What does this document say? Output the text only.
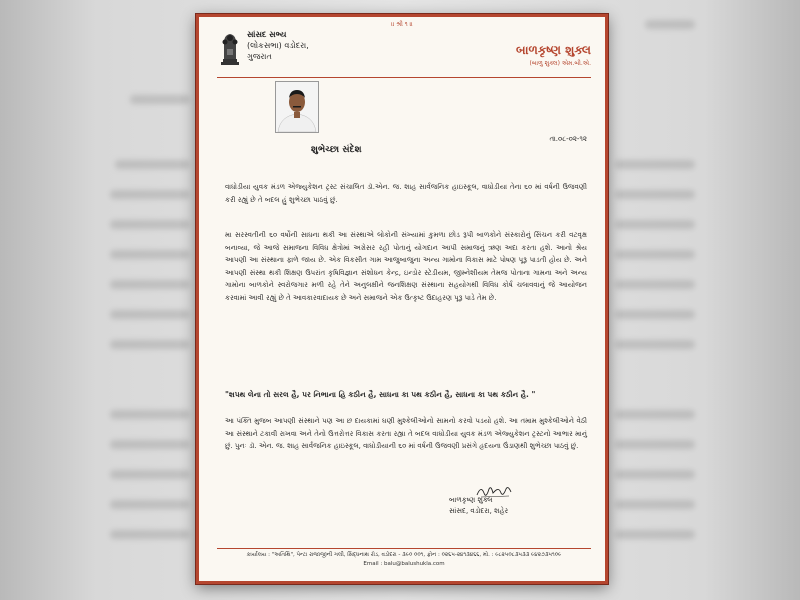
॥ શ્રી ૧ ॥
સાંસદ સભ્ય
(લોકસભા) વડોદરા,
ગુજરાત	બાળકૃષ્ણ શુક્લ
(બાળુ શુક્લ) એમ.બી.એ.
તા.૦૮-૦૨-૧૨
શુભેચ્છા સંદેશ

વાધોડીયા યુવક મંડળ એજ્યુકેશન ટ્રસ્ટ સંચાલિત ડૉ.એન. જ. શાહ સાર્વજનિક હાઇસ્કૂલ, વાધોડીયા તેના ૬૦ માં વર્ષની ઉજવણી કરી રહ્યું છે તે બદલ હું શુભેચ્છા પાઠવું છું.

મા સરસ્વતીની ૬૦ વર્ષોની સાધના થકી આ સંસ્થાએ લોકોની સંખ્યામાં કુમળા છોડ રૂપી બાળકોને સંસ્કારોનું સિંચન કરી વટવૃક્ષ બનાવ્યા, જે આજે સમાજના વિવિધ ક્ષેત્રોમાં અગ્રેસર રહી પોતાનું યોગદાન આપી સમાજનું ઋણ અદા કરતા હશે. આનો શ્રેય આપણી આ સંસ્થાના ફાળે જાય છે. એક વિકસીત ગામ આજુબાજુના અન્ય ગામોના વિકાસ માટે પોષણ પૂરૂ પાડતી હોય છે. અને આપણી સંસ્થા થકી શિક્ષણ ઉપરાંત કૃષિવિજ્ઞાન સંશોધન કેન્દ્ર, ઇન્ડોર સ્ટેડીયમ, જીમ્નેશીયમ તેમજ પોતાના ગામના અને અન્ય ગામોના બાળકોને સ્વરોજગાર મળી રહે તેને અનુલક્ષીને જનશિક્ષણ સંસ્થાના સહયોગથી વિવિધ કોર્ષ ચલાવવાનું જે આયોજન કરવામાં આવી રહ્યું છે તે આવકારવાદાયક છે અને સમાજને એક ઉત્કૃષ્ટ ઉદાહરણ પૂરૂ પાડે તેમ છે.

"શપથ લેના તો સરલ હૈ, પર નિભાના હિ કઠીન હૈ, સાધના કા પથ કઠીન હૈ, સાધના કા પથ કઠીન હૈ. "

આ પંક્તિ મુજબ આપણી સંસ્થાને પણ આ છ દાયકામાં ઘણી મુશ્કેલીઓનો સામનો કરવો પડયો હશે. આ તમામ મુશ્કેલીઓને વેઠી આ સંસ્થાને ટકાવી રાખવા અને તેનો ઉત્તરોત્તર વિકાસ કરતા રહ્યા તે બદલ વાઘોડીયા યુવક મંડળ એજ્યુકેશન ટ્રસ્ટનો આભાર માનું છું. પુનઃ ડૉ. એન. જ. શાહ સાર્વજનિક હાઇસ્કૂલ, વાઘોડીયાની ૬૦ માં વર્ષની ઉજવણી પ્રસંગે હૃદયના ઉંડાણથી શુભેચ્છા પાઠવું છું.

બાળકૃષ્ણ શુક્લ
સાંસદ, વડોદરા, શહેર
કાર્યાલય : "અતિથિ", પેન્ટા રાજાજીની ગલી, સિદ્ધનાથ રોડ, વડોદરા - ૩૯૦ ૦૦૧, ફોન : ૦૨૬૫-૨૪૧૩૪૬૬, મો. : ૯૮૨૫૦૮૩૫૩૩ ૯૪૨૭૩૫૧૦૯
Email : balu@balushukla.com
